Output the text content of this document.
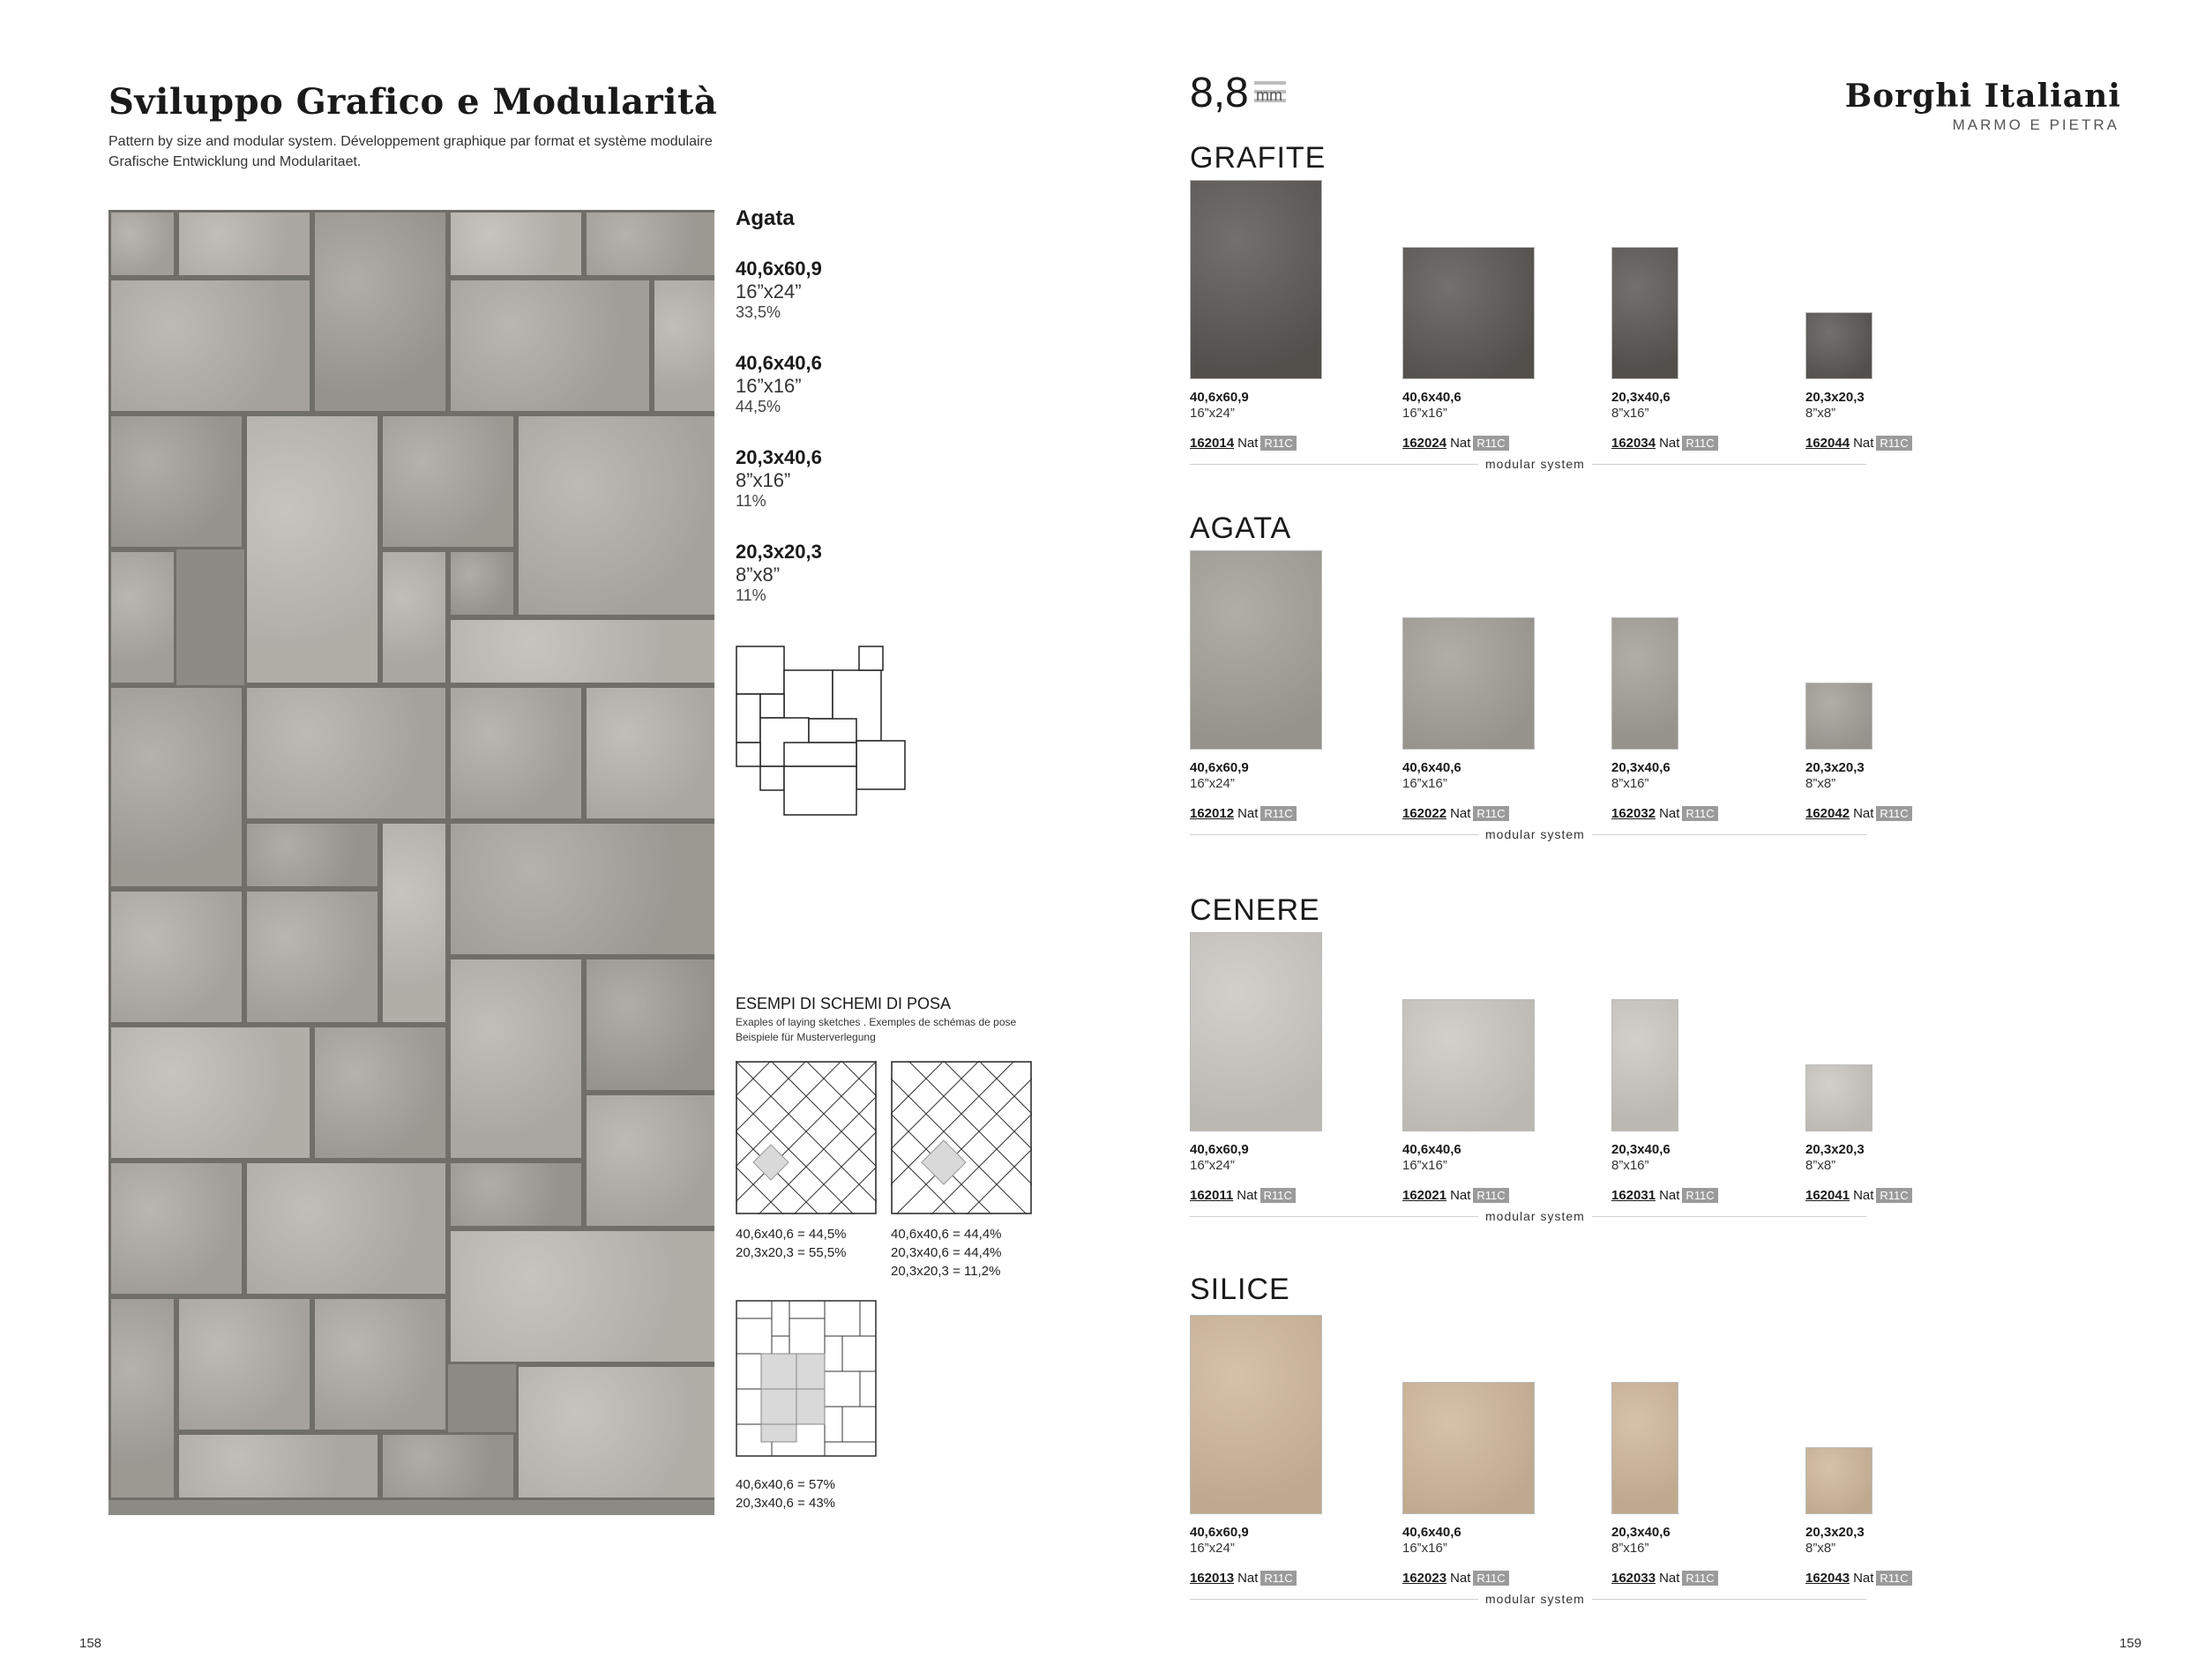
Sviluppo Grafico e Modularità
Pattern by size and modular system. Développement graphique par format et système modulaire
Grafische Entwicklung und Modularitaet.
Agata
40,6x60,9
16”x24”
33,5%
40,6x40,6
16”x16”
44,5%
20,3x40,6
8”x16”
11%
20,3x20,3
8”x8”
11%
ESEMPI DI SCHEMI DI POSA
Exaples of laying sketches . Exemples de schémas de pose
Beispiele für Musterverlegung
40,6x40,6 = 44,5%
20,3x20,3 = 55,5%
40,6x40,6 = 44,4%
20,3x40,6 = 44,4%
20,3x20,3 = 11,2%
40,6x40,6 = 57%
20,3x40,6 = 43%
158
8,8 mm	Borghi Italiani
MARMO E PIETRA
GRAFITE
40,6x60,9
16”x24”
162014 Nat R11C
40,6x40,6
16”x16”
162024 Nat R11C
20,3x40,6
8”x16”
162034 Nat R11C
20,3x20,3
8”x8”
162044 Nat R11C
modular system
AGATA
40,6x60,9
16”x24”
162012 Nat R11C
40,6x40,6
16”x16”
162022 Nat R11C
20,3x40,6
8”x16”
162032 Nat R11C
20,3x20,3
8”x8”
162042 Nat R11C
modular system
CENERE
40,6x60,9
16”x24”
162011 Nat R11C
40,6x40,6
16”x16”
162021 Nat R11C
20,3x40,6
8”x16”
162031 Nat R11C
20,3x20,3
8”x8”
162041 Nat R11C
modular system
SILICE
40,6x60,9
16”x24”
162013 Nat R11C
40,6x40,6
16”x16”
162023 Nat R11C
20,3x40,6
8”x16”
162033 Nat R11C
20,3x20,3
8”x8”
162043 Nat R11C
modular system
159
